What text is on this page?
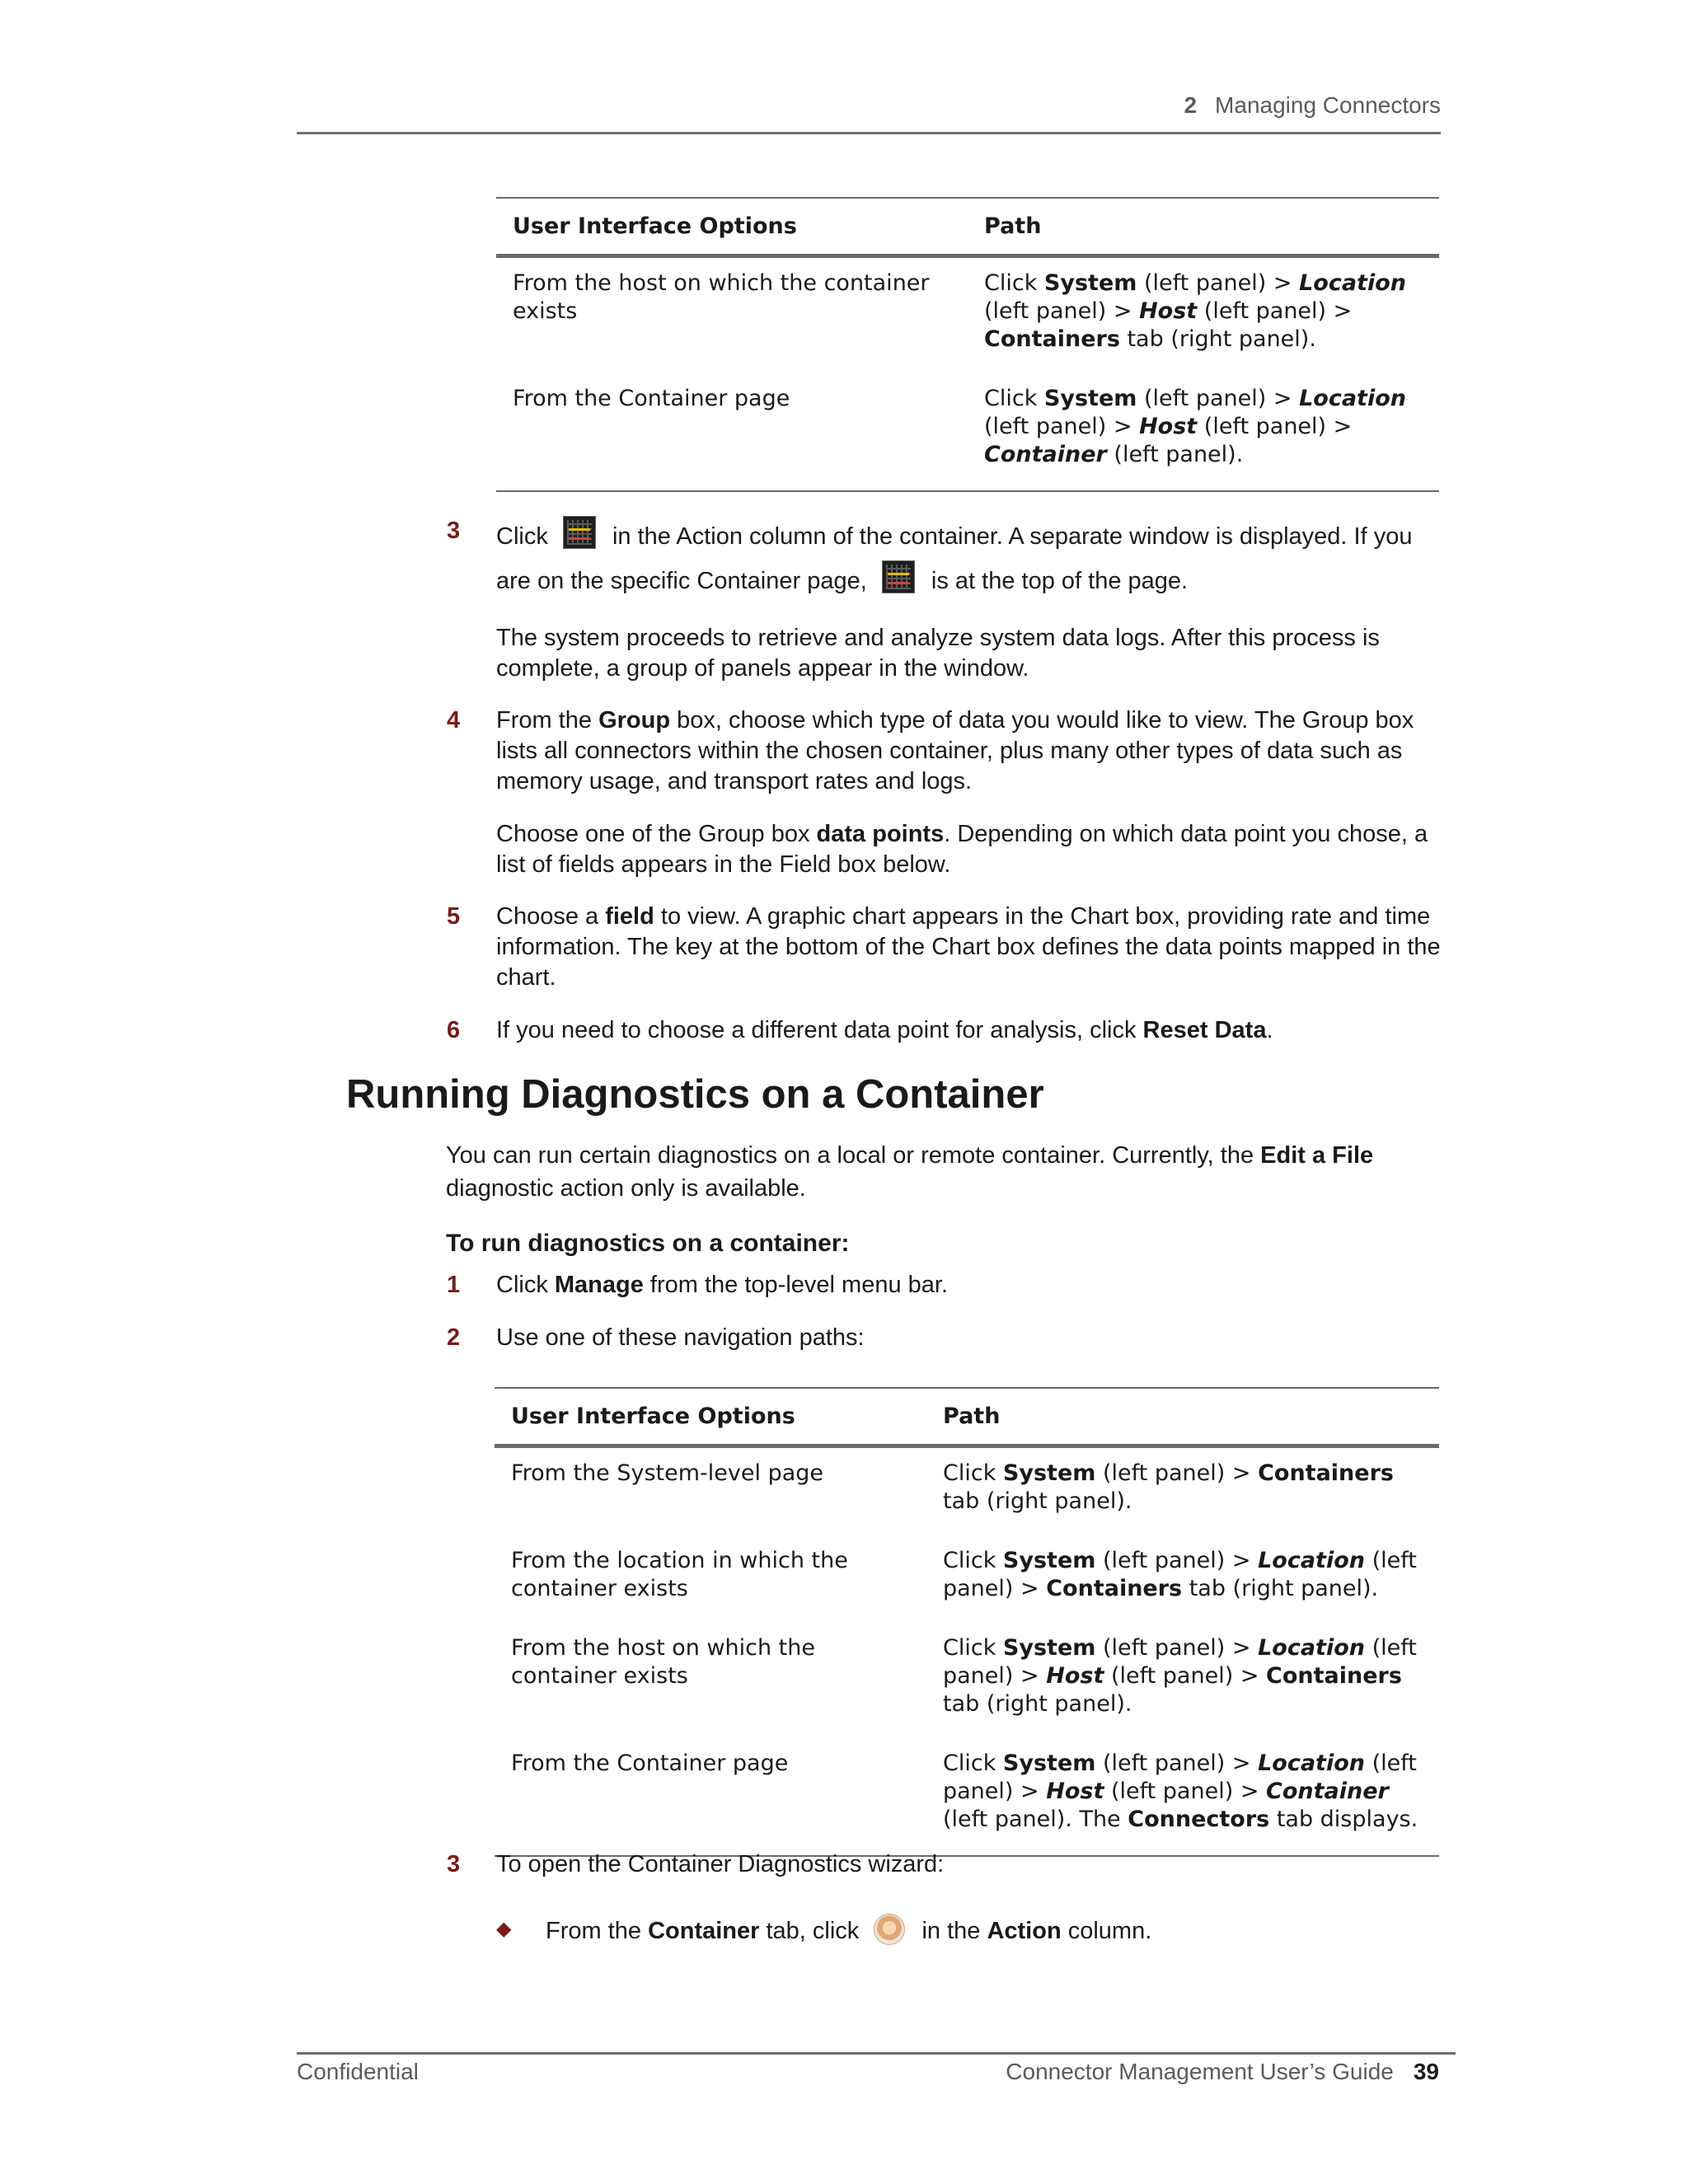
2 Managing Connectors
User Interface Options	Path
From the host on which the container exists	Click System (left panel) > Location (left panel) > Host (left panel) > Containers tab (right panel).
From the Container page	Click System (left panel) > Location (left panel) > Host (left panel) > Container (left panel).
3 Click	in the Action column of the container. A separate window is displayed. If you
are on the specific Container page,	is at the top of the page.
The system proceeds to retrieve and analyze system data logs. After this process is complete, a group of panels appear in the window.
4 From the Group box, choose which type of data you would like to view. The Group box lists all connectors within the chosen container, plus many other types of data such as memory usage, and transport rates and logs.
Choose one of the Group box data points. Depending on which data point you chose, a list of fields appears in the Field box below.
5 Choose a field to view. A graphic chart appears in the Chart box, providing rate and time information. The key at the bottom of the Chart box defines the data points mapped in the chart.
6 If you need to choose a different data point for analysis, click Reset Data.
Running Diagnostics on a Container
You can run certain diagnostics on a local or remote container. Currently, the Edit a File diagnostic action only is available.
To run diagnostics on a container:
1 Click Manage from the top-level menu bar.
2 Use one of these navigation paths:
User Interface Options	Path
From the System-level page	Click System (left panel) > Containers tab (right panel).
From the location in which the container exists	Click System (left panel) > Location (left panel) > Containers tab (right panel).
From the host on which the container exists	Click System (left panel) > Location (left panel) > Host (left panel) > Containers tab (right panel).
From the Container page	Click System (left panel) > Location (left panel) > Host (left panel) > Container (left panel). The Connectors tab displays.
3 To open the Container Diagnostics wizard:
◆ From the Container tab, click	in the Action column.
Confidential	Connector Management User’s Guide 39
